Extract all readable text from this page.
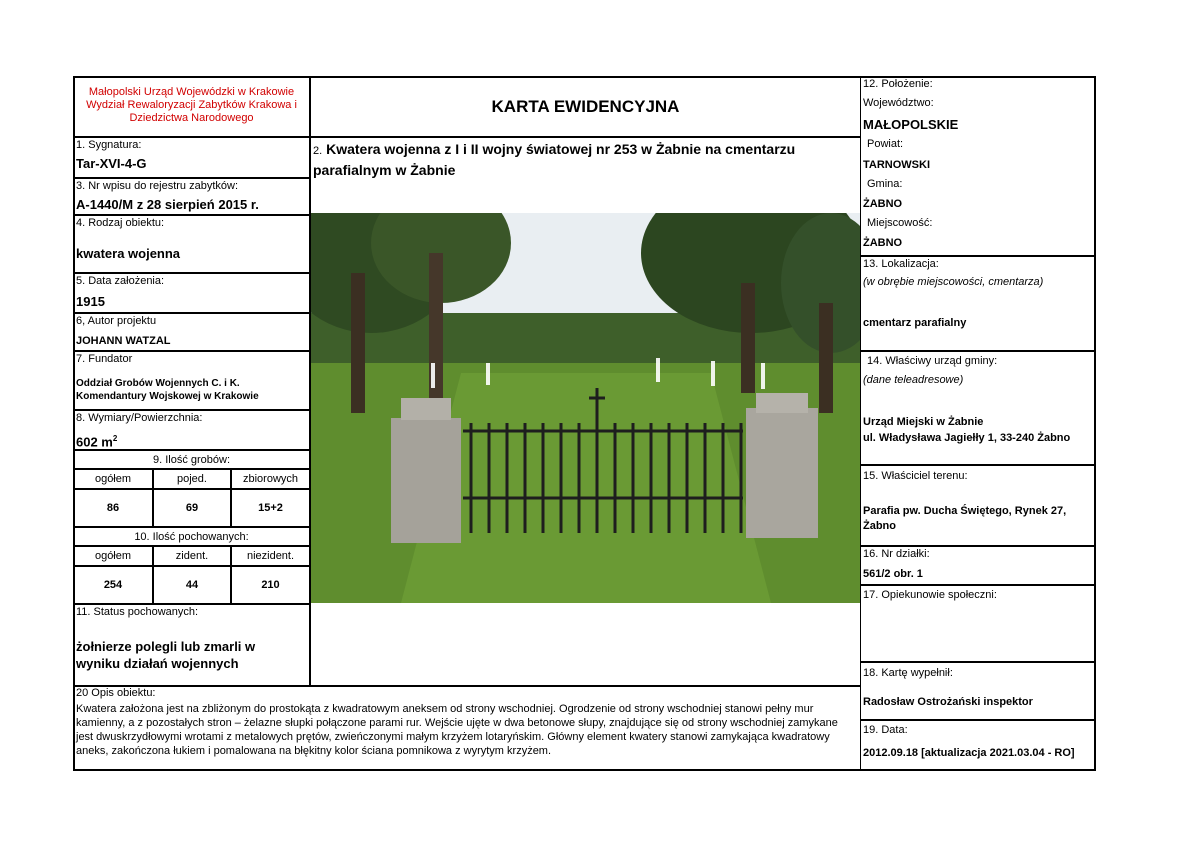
Małopolski Urząd Wojewódzki w Krakowie Wydział Rewaloryzacji Zabytków Krakowa i Dziedzictwa Narodowego
1. Sygnatura:
Tar-XVI-4-G
3. Nr wpisu do rejestru zabytków:
A-1440/M z 28 sierpień 2015 r.
4. Rodzaj obiektu:
kwatera wojenna
5. Data założenia:
1915
6, Autor projektu
JOHANN WATZAL
7. Fundator
Oddział Grobów Wojennych C. i K. Komendantury Wojskowej w Krakowie
8. Wymiary/Powierzchnia:
602 $m^2$
9. Ilość grobów:
ogółem	pojed.	zbiorowych
86	69	15+2
10. Ilość pochowanych:
ogółem	zident.	niezident.
254	44	210
11. Status pochowanych:
żołnierze polegli lub zmarli w wyniku działań wojennych
KARTA EWIDENCYJNA
2. Kwatera wojenna z I i II wojny światowej nr 253 w Żabnie na cmentarzu parafialnym w Żabnie
12. Położenie:
Województwo:
MAŁOPOLSKIE
Powiat:
TARNOWSKI
Gmina:
ŻABNO
Miejscowość:
ŻABNO
13. Lokalizacja:
(w obrębie miejscowości, cmentarza)
cmentarz parafialny
14. Właściwy urząd gminy:
(dane teleadresowe)
Urząd Miejski w Żabnie
ul. Władysława Jagiełły 1, 33-240 Żabno
15. Właściciel terenu:
Parafia pw. Ducha Świętego, Rynek 27, Żabno
16. Nr działki:
561/2 obr. 1
17. Opiekunowie społeczni:
18. Kartę wypełnił:
Radosław Ostrożański inspektor
19. Data:
2012.09.18 [aktualizacja 2021.03.04 - RO]
20 Opis obiektu:
Kwatera założona jest na zbliżonym do prostokąta z kwadratowym aneksem od strony wschodniej. Ogrodzenie od strony wschodniej stanowi pełny mur kamienny, a z pozostałych stron – żelazne słupki połączone parami rur. Wejście ujęte w dwa betonowe słupy, znajdujące się od strony wschodniej zamykane jest dwuskrzydłowymi wrotami z metalowych prętów, zwieńczonymi małym krzyżem lotaryńskim. Główny element kwatery stanowi zamykająca kwadratowy aneks, zakończona łukiem i pomalowana na błękitny kolor ściana pomnikowa z wyrytym krzyżem.
